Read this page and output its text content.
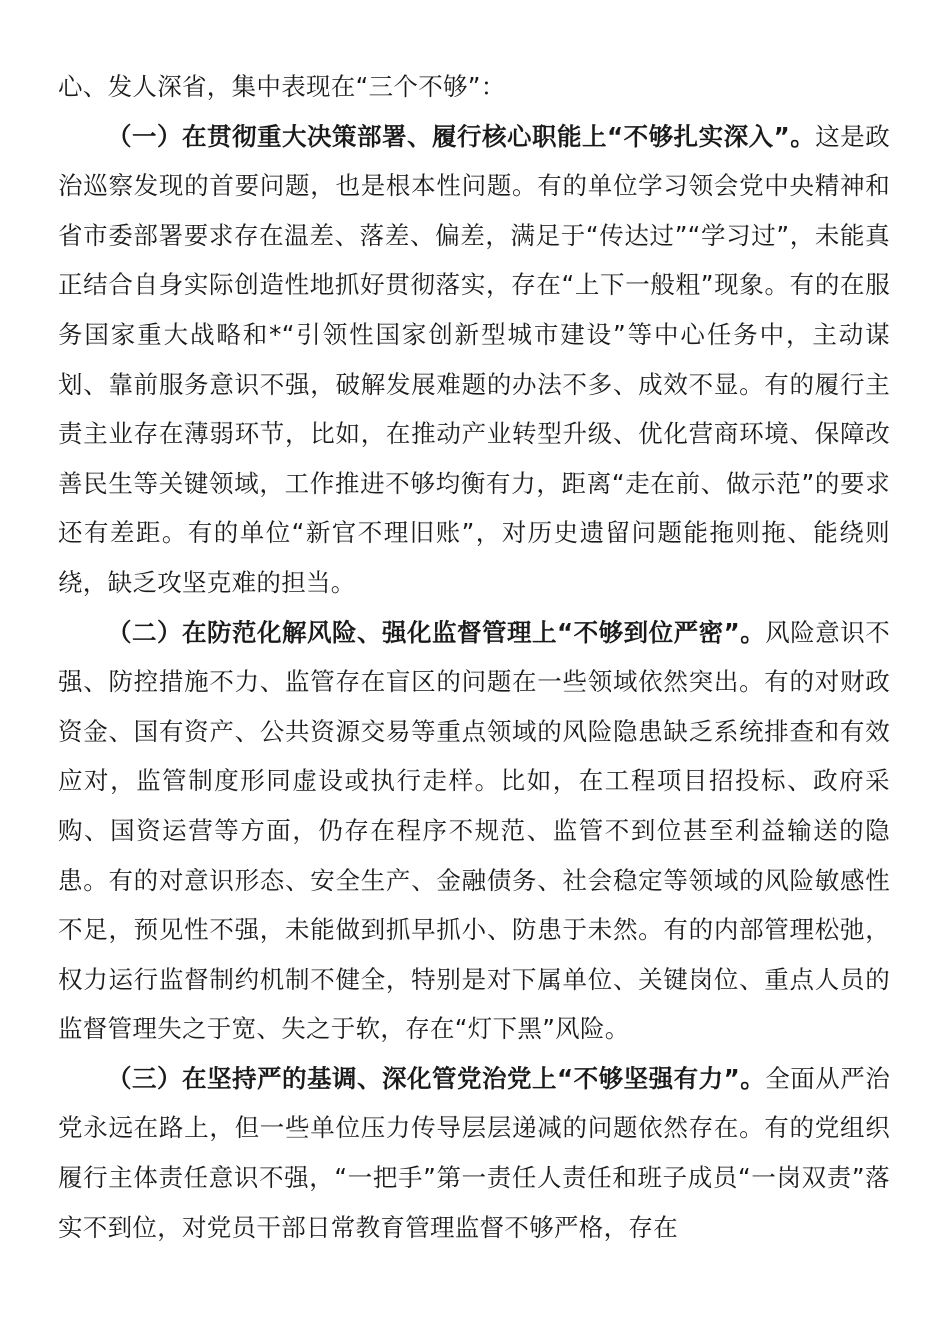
心、发人深省，集中表现在“三个不够”：

（一）在贯彻重大决策部署、履行核心职能上“不够扎实深入”。这是政治巡察发现的首要问题，也是根本性问题。有的单位学习领会党中央精神和省市委部署要求存在温差、落差、偏差，满足于“传达过”“学习过”，未能真正结合自身实际创造性地抓好贯彻落实，存在“上下一般粗”现象。有的在服务国家重大战略和*“引领性国家创新型城市建设”等中心任务中，主动谋划、靠前服务意识不强，破解发展难题的办法不多、成效不显。有的履行主责主业存在薄弱环节，比如，在推动产业转型升级、优化营商环境、保障改善民生等关键领域，工作推进不够均衡有力，距离“走在前、做示范”的要求还有差距。有的单位“新官不理旧账”，对历史遗留问题能拖则拖、能绕则绕，缺乏攻坚克难的担当。

（二）在防范化解风险、强化监督管理上“不够到位严密”。风险意识不强、防控措施不力、监管存在盲区的问题在一些领域依然突出。有的对财政资金、国有资产、公共资源交易等重点领域的风险隐患缺乏系统排查和有效应对，监管制度形同虚设或执行走样。比如，在工程项目招投标、政府采购、国资运营等方面，仍存在程序不规范、监管不到位甚至利益输送的隐患。有的对意识形态、安全生产、金融债务、社会稳定等领域的风险敏感性不足，预见性不强，未能做到抓早抓小、防患于未然。有的内部管理松弛，权力运行监督制约机制不健全，特别是对下属单位、关键岗位、重点人员的监督管理失之于宽、失之于软，存在“灯下黑”风险。

（三）在坚持严的基调、深化管党治党上“不够坚强有力”。全面从严治党永远在路上，但一些单位压力传导层层递减的问题依然存在。有的党组织履行主体责任意识不强，“一把手”第一责任人责任和班子成员“一岗双责”落实不到位，对党员干部日常教育管理监督不够严格，存在
